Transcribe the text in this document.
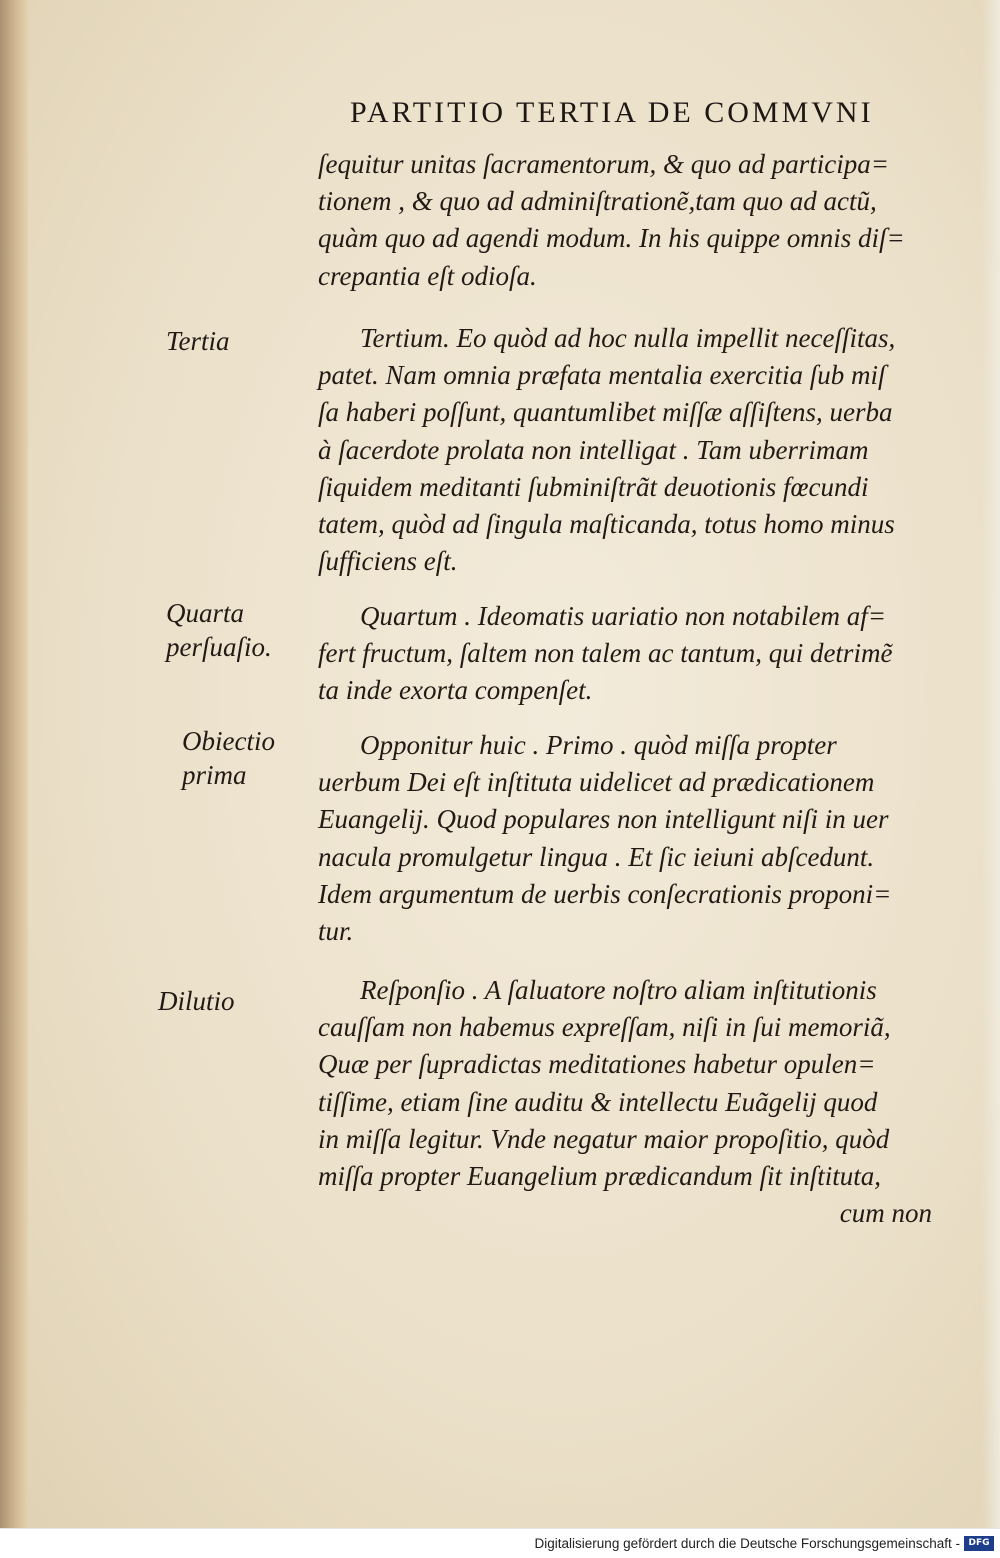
PARTITIO TERTIA DE COMMVNI
ſequitur unitas ſacramentorum, & quo ad participa=
tionem , & quo ad adminiſtrationẽ,tam quo ad actũ,
quàm quo ad agendi modum. In his quippe omnis diſ=
crepantia eſt odioſa.
Tertium. Eo quòd ad hoc nulla impellit neceſſitas,
patet. Nam omnia præfata mentalia exercitia ſub miſ
ſa haberi poſſunt, quantumlibet miſſæ aſſiſtens, uerba
à ſacerdote prolata non intelligat . Tam uberrimam
ſiquidem meditanti ſubminiſtrãt deuotionis fœcundi
tatem, quòd ad ſingula maſticanda, totus homo minus
ſufficiens eſt.
Quartum . Ideomatis uariatio non notabilem af=
fert fructum, ſaltem non talem ac tantum, qui detrimẽ
ta inde exorta compenſet.
Opponitur huic . Primo . quòd miſſa propter
uerbum Dei eſt inſtituta uidelicet ad prædicationem
Euangelij. Quod populares non intelligunt niſi in uer
nacula promulgetur lingua . Et ſic ieiuni abſcedunt.
Idem argumentum de uerbis conſecrationis proponi=
tur.
Reſponſio . A ſaluatore noſtro aliam inſtitutionis
cauſſam non habemus expreſſam, niſi in ſui memoriã,
Quæ per ſupradictas meditationes habetur opulen=
tiſſime, etiam ſine auditu & intellectu Euãgelij quod
in miſſa legitur. Vnde negatur maior propoſitio, quòd
miſſa propter Euangelium prædicandum ſit inſtituta,
cum non
Tertia
Quarta
perſuaſio.
Obiectio
prima
Dilutio
Digitalisierung gefördert durch die Deutsche Forschungsgemeinschaft - DFG
